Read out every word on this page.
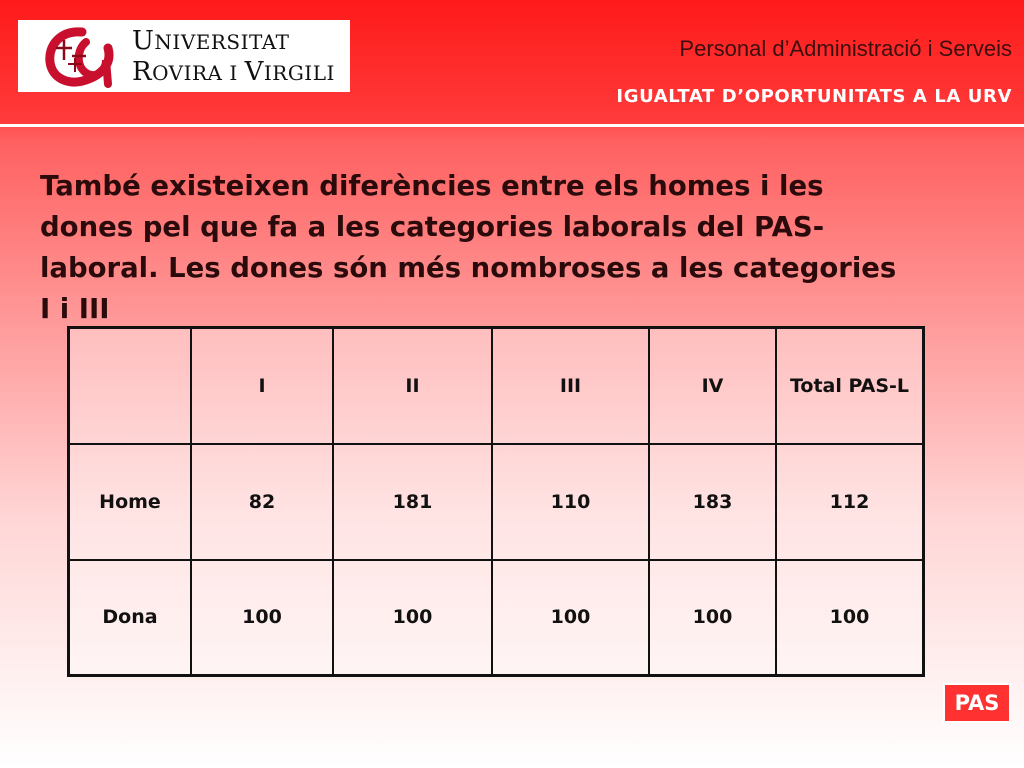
UNIVERSITAT
ROVIRA I VIRGILI
Personal d’Administració i Serveis
IGUALTAT D’OPORTUNITATS A LA URV
També existeixen diferències entre els homes i les dones pel que fa a les categories laborals del PAS-laboral. Les dones són més nombroses a les categories I i III
	I	II	III	IV	Total PAS-L
Home	82	181	110	183	112
Dona	100	100	100	100	100
PAS
